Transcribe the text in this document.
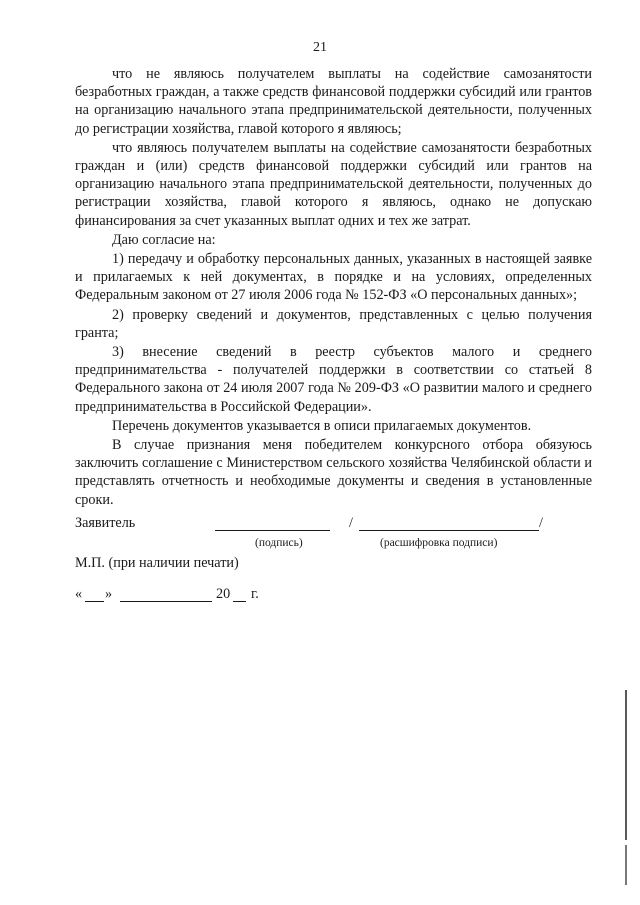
21

что не являюсь получателем выплаты на содействие самозанятости безработных граждан, а также средств финансовой поддержки субсидий или грантов на организацию начального этапа предпринимательской деятельности, полученных до регистрации хозяйства, главой которого я являюсь;

что являюсь получателем выплаты на содействие самозанятости безработных граждан и (или) средств финансовой поддержки субсидий или грантов на организацию начального этапа предпринимательской деятельности, полученных до регистрации хозяйства, главой которого я являюсь, однако не допускаю финансирования за счет указанных выплат одних и тех же затрат.

Даю согласие на:

1) передачу и обработку персональных данных, указанных в настоящей заявке и прилагаемых к ней документах, в порядке и на условиях, определенных Федеральным законом от 27 июля 2006 года № 152-ФЗ «О персональных данных»;

2) проверку сведений и документов, представленных с целью получения гранта;

3) внесение сведений в реестр субъектов малого и среднего предпринимательства - получателей поддержки в соответствии со статьей 8 Федерального закона от 24 июля 2007 года № 209-ФЗ «О развитии малого и среднего предпринимательства в Российской Федерации».

Перечень документов указывается в описи прилагаемых документов.

В случае признания меня победителем конкурсного отбора обязуюсь заключить соглашение с Министерством сельского хозяйства Челябинской области и представлять отчетность и необходимые документы и сведения в установленные сроки.

Заявитель	/	/
(подпись)	(расшифровка подписи)
М.П. (при наличии печати)
« »	20 г.
